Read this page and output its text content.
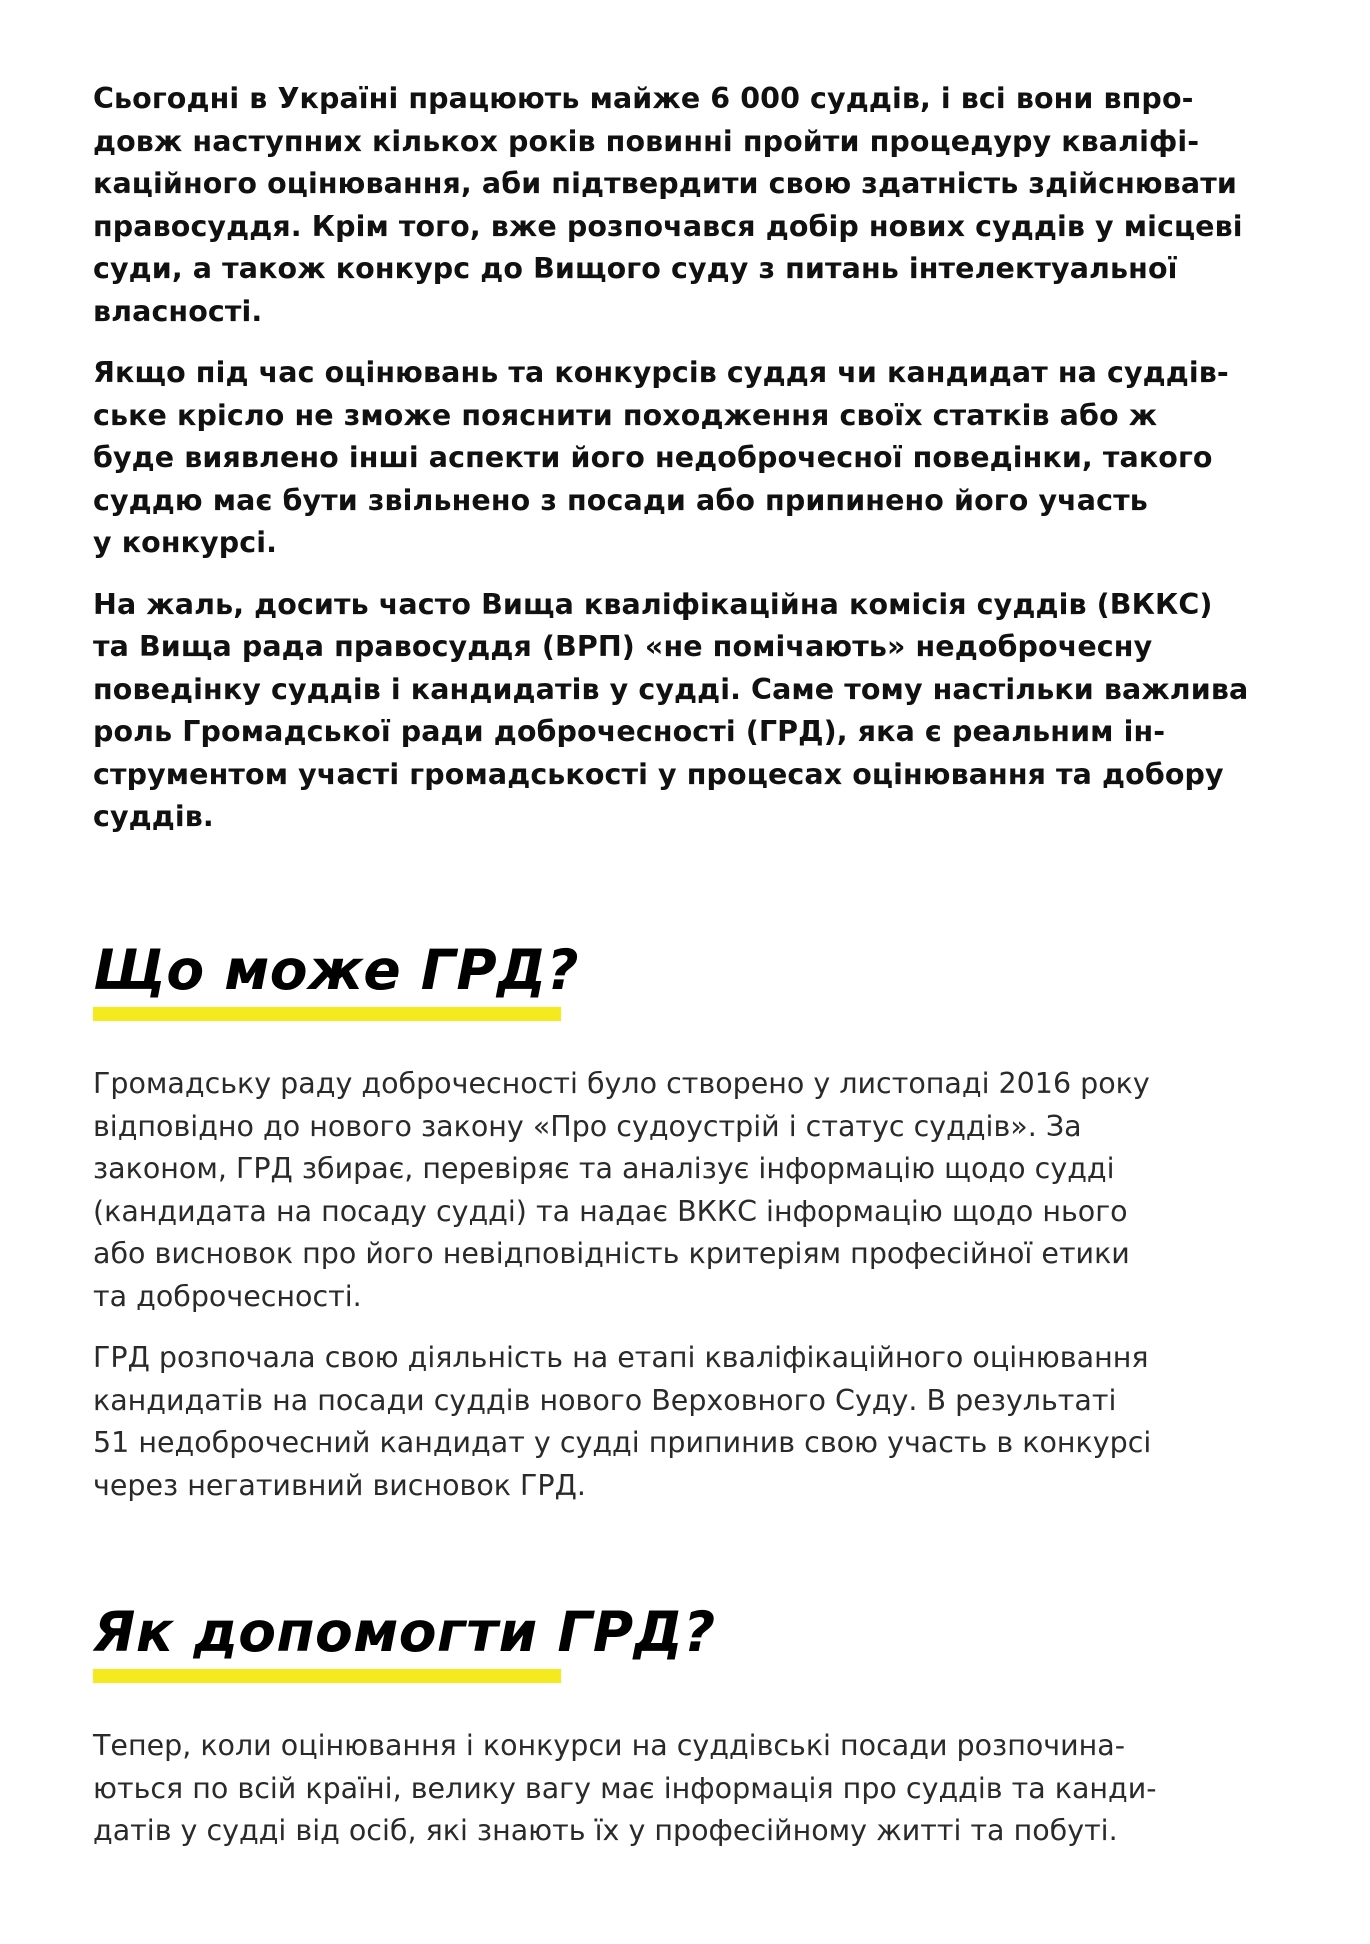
Сьогодні в Україні працюють майже 6 000 суддів, і всі вони впро-
довж наступних кількох років повинні пройти процедуру кваліфі-
каційного оцінювання, аби підтвердити свою здатність здійснювати
правосуддя. Крім того, вже розпочався добір нових суддів у місцеві
суди, а також конкурс до Вищого суду з питань інтелектуальної
власності.

Якщо під час оцінювань та конкурсів суддя чи кандидат на суддів-
ське крісло не зможе пояснити походження своїх статків або ж
буде виявлено інші аспекти його недоброчесної поведінки, такого
суддю має бути звільнено з посади або припинено його участь
у конкурсі.

На жаль, досить часто Вища кваліфікаційна комісія суддів (ВККС)
та Вища рада правосуддя (ВРП) «не помічають» недоброчесну
поведінку суддів і кандидатів у судді. Саме тому настільки важлива
роль Громадської ради доброчесності (ГРД), яка є реальним ін-
струментом участі громадськості у процесах оцінювання та добору
суддів.

Що може ГРД?

Громадську раду доброчесності було створено у листопаді 2016 року
відповідно до нового закону «Про судоустрій і статус суддів». За
законом, ГРД збирає, перевіряє та аналізує інформацію щодо судді
(кандидата на посаду судді) та надає ВККС інформацію щодо нього
або висновок про його невідповідність критеріям професійної етики
та доброчесності.

ГРД розпочала свою діяльність на етапі кваліфікаційного оцінювання
кандидатів на посади суддів нового Верховного Суду. В результаті
51 недоброчесний кандидат у судді припинив свою участь в конкурсі
через негативний висновок ГРД.

Як допомогти ГРД?

Тепер, коли оцінювання і конкурси на суддівські посади розпочина-
ються по всій країні, велику вагу має інформація про суддів та канди-
датів у судді від осіб, які знають їх у професійному житті та побуті.
